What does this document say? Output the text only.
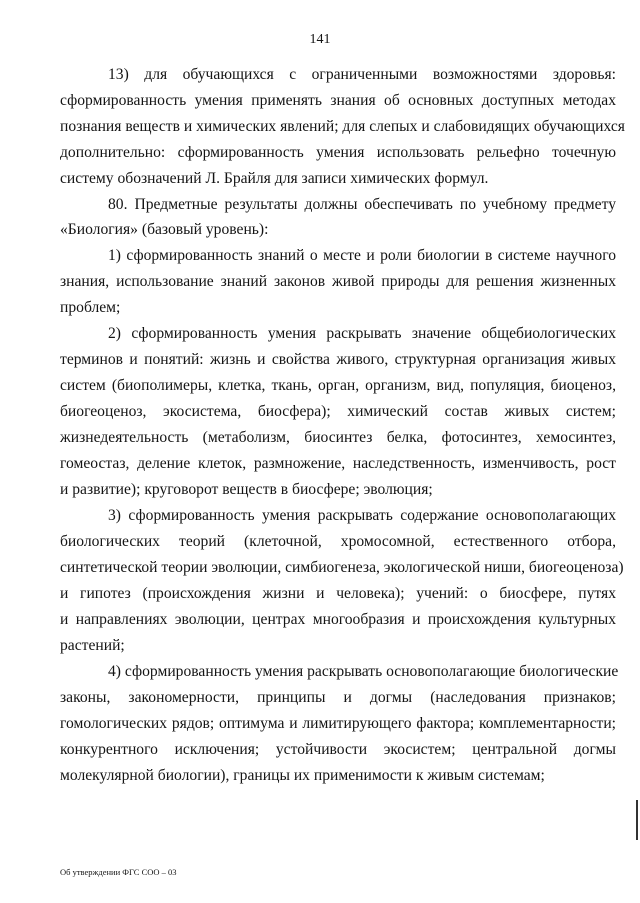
141
13) для обучающихся с ограниченными возможностями здоровья:
сформированность умения применять знания об основных доступных методах
познания веществ и химических явлений; для слепых и слабовидящих обучающихся
дополнительно: сформированность умения использовать рельефно точечную
систему обозначений Л. Брайля для записи химических формул.
80. Предметные результаты должны обеспечивать по учебному предмету
«Биология» (базовый уровень):
1) сформированность знаний о месте и роли биологии в системе научного
знания, использование знаний законов живой природы для решения жизненных
проблем;
2) сформированность умения раскрывать значение общебиологических
терминов и понятий: жизнь и свойства живого, структурная организация живых
систем (биополимеры, клетка, ткань, орган, организм, вид, популяция, биоценоз,
биогеоценоз, экосистема, биосфера); химический состав живых систем;
жизнедеятельность (метаболизм, биосинтез белка, фотосинтез, хемосинтез,
гомеостаз, деление клеток, размножение, наследственность, изменчивость, рост
и развитие); круговорот веществ в биосфере; эволюция;
3) сформированность умения раскрывать содержание основополагающих
биологических теорий (клеточной, хромосомной, естественного отбора,
синтетической теории эволюции, симбиогенеза, экологической ниши, биогеоценоза)
и гипотез (происхождения жизни и человека); учений: о биосфере, путях
и направлениях эволюции, центрах многообразия и происхождения культурных
растений;
4) сформированность умения раскрывать основополагающие биологические
законы, закономерности, принципы и догмы (наследования признаков;
гомологических рядов; оптимума и лимитирующего фактора; комплементарности;
конкурентного исключения; устойчивости экосистем; центральной догмы
молекулярной биологии), границы их применимости к живым системам;
Об утверждении ФГС СОО – 03
